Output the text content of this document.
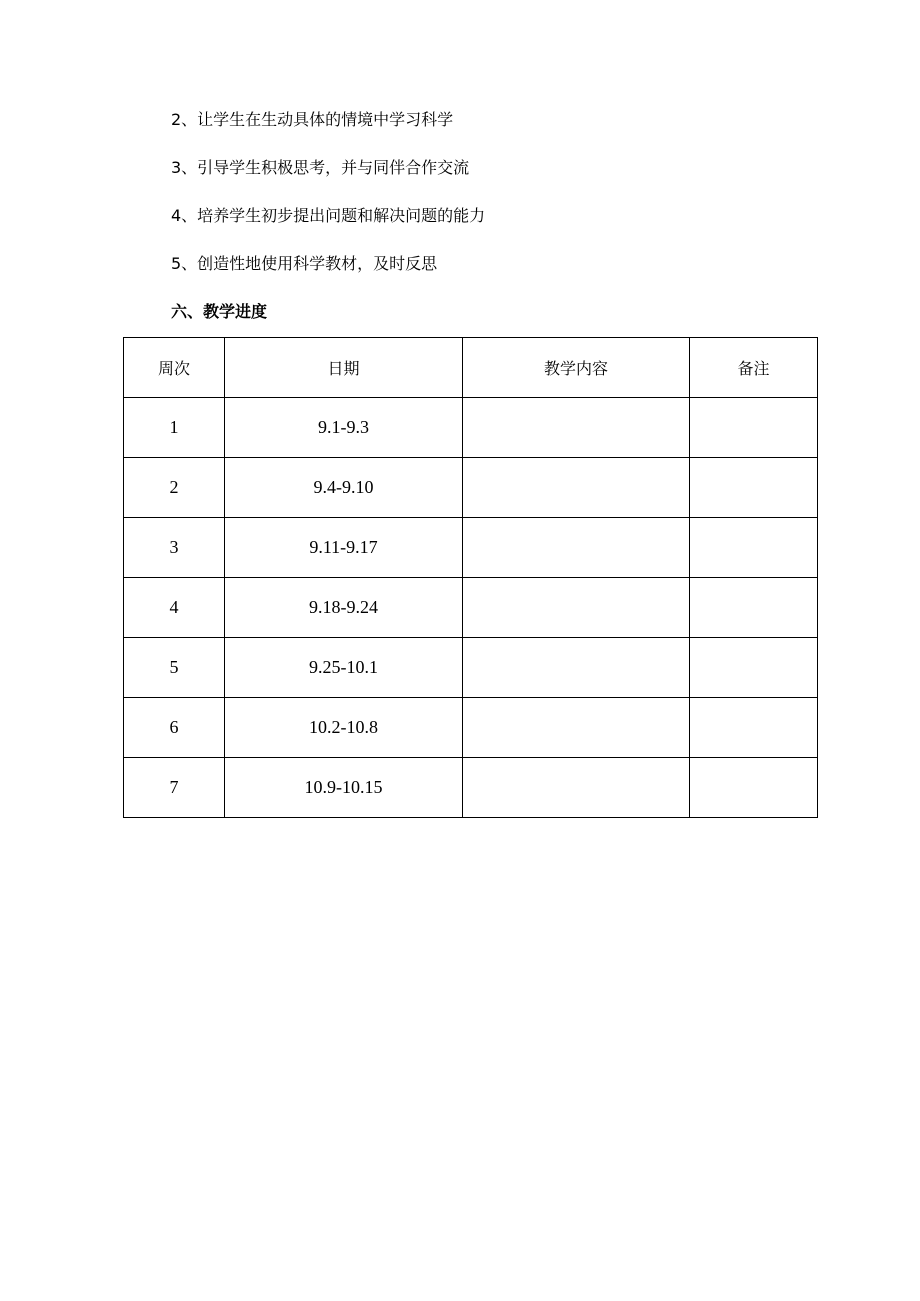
2、让学生在生动具体的情境中学习科学

3、引导学生积极思考，并与同伴合作交流

4、培养学生初步提出问题和解决问题的能力

5、创造性地使用科学教材，及时反思

六、教学进度
周次	日期	教学内容	备注
1	9.1-9.3		
2	9.4-9.10		
3	9.11-9.17		
4	9.18-9.24		
5	9.25-10.1		
6	10.2-10.8		
7	10.9-10.15		
